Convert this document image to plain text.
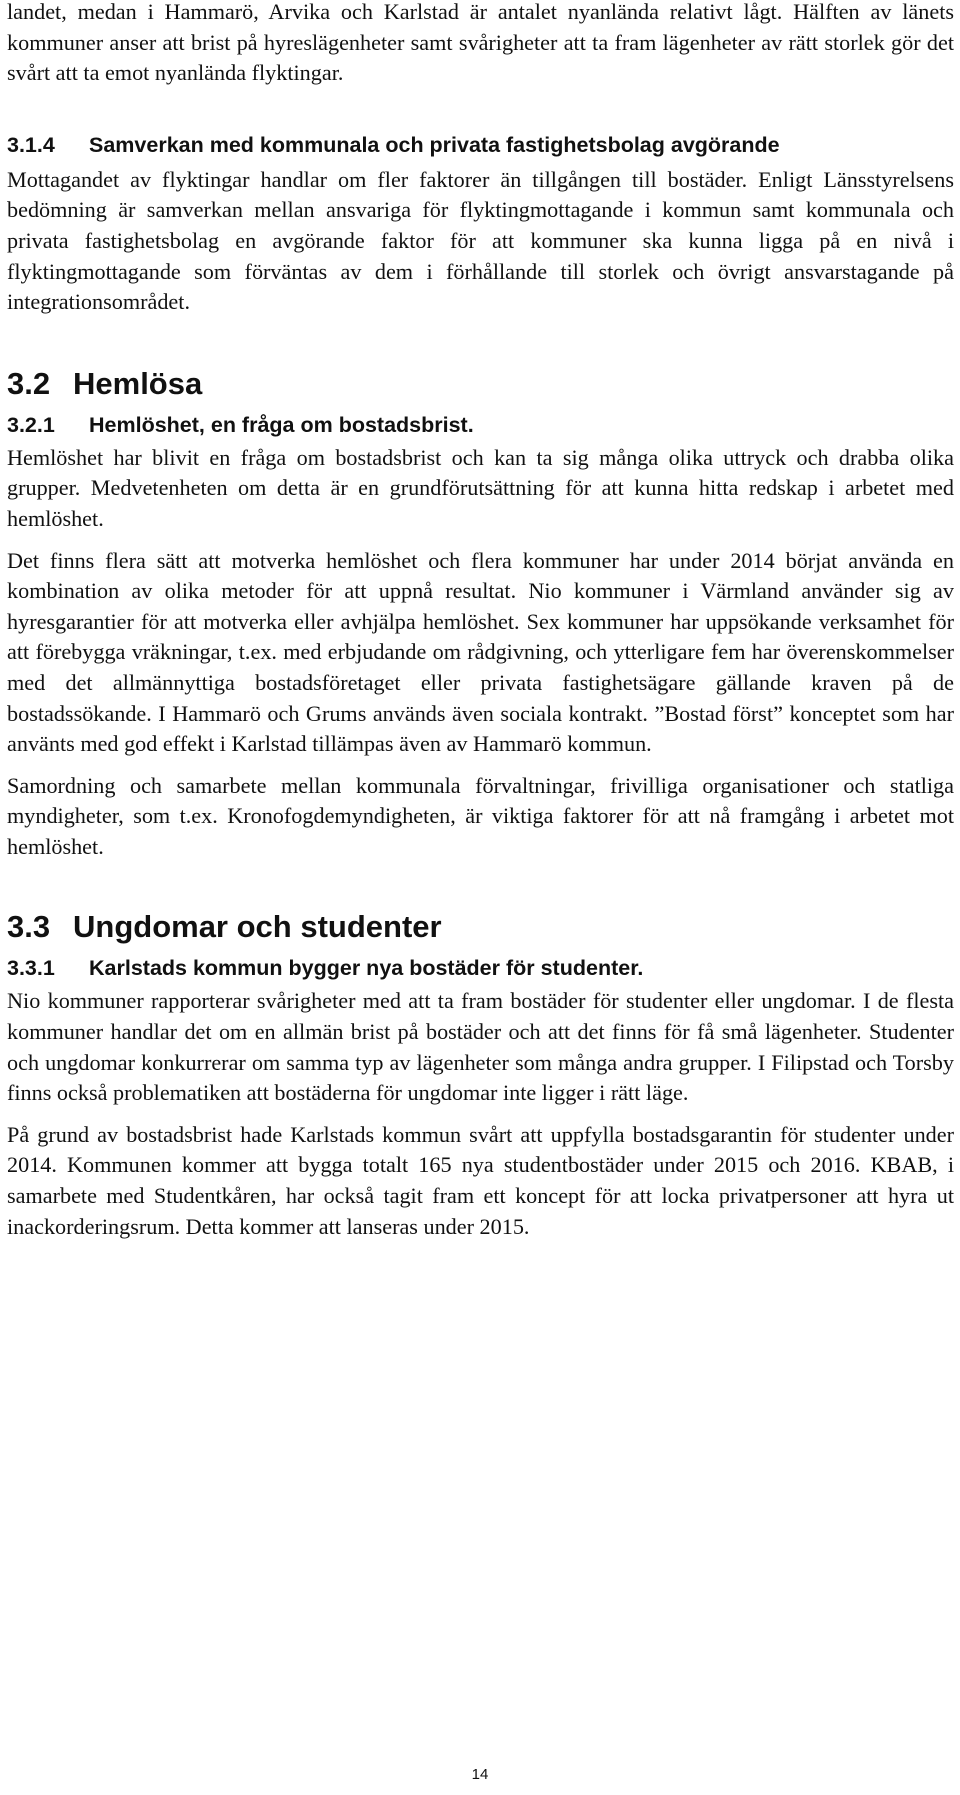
landet, medan i Hammarö, Arvika och Karlstad är antalet nyanlända relativt lågt. Hälften av länets kommuner anser att brist på hyreslägenheter samt svårigheter att ta fram lägenheter av rätt storlek gör det svårt att ta emot nyanlända flyktingar.

3.1.4 Samverkan med kommunala och privata fastighetsbolag avgörande

Mottagandet av flyktingar handlar om fler faktorer än tillgången till bostäder. Enligt Länsstyrelsens bedömning är samverkan mellan ansvariga för flyktingmottagande i kommun samt kommunala och privata fastighetsbolag en avgörande faktor för att kommuner ska kunna ligga på en nivå i flyktingmottagande som förväntas av dem i förhållande till storlek och övrigt ansvarstagande på integrationsområdet.

3.2 Hemlösa
3.2.1 Hemlöshet, en fråga om bostadsbrist.

Hemlöshet har blivit en fråga om bostadsbrist och kan ta sig många olika uttryck och drabba olika grupper. Medvetenheten om detta är en grundförutsättning för att kunna hitta redskap i arbetet med hemlöshet.

Det finns flera sätt att motverka hemlöshet och flera kommuner har under 2014 börjat använda en kombination av olika metoder för att uppnå resultat. Nio kommuner i Värmland använder sig av hyresgarantier för att motverka eller avhjälpa hemlöshet. Sex kommuner har uppsökande verksamhet för att förebygga vräkningar, t.ex. med erbjudande om rådgivning, och ytterligare fem har överenskommelser med det allmännyttiga bostadsföretaget eller privata fastighetsägare gällande kraven på de bostadssökande. I Hammarö och Grums används även sociala kontrakt. ”Bostad först” konceptet som har använts med god effekt i Karlstad tillämpas även av Hammarö kommun.

Samordning och samarbete mellan kommunala förvaltningar, frivilliga organisationer och statliga myndigheter, som t.ex. Kronofogdemyndigheten, är viktiga faktorer för att nå framgång i arbetet mot hemlöshet.

3.3 Ungdomar och studenter
3.3.1 Karlstads kommun bygger nya bostäder för studenter.

Nio kommuner rapporterar svårigheter med att ta fram bostäder för studenter eller ungdomar. I de flesta kommuner handlar det om en allmän brist på bostäder och att det finns för få små lägenheter. Studenter och ungdomar konkurrerar om samma typ av lägenheter som många andra grupper. I Filipstad och Torsby finns också problematiken att bostäderna för ungdomar inte ligger i rätt läge.

På grund av bostadsbrist hade Karlstads kommun svårt att uppfylla bostadsgarantin för studenter under 2014. Kommunen kommer att bygga totalt 165 nya studentbostäder under 2015 och 2016. KBAB, i samarbete med Studentkåren, har också tagit fram ett koncept för att locka privatpersoner att hyra ut inackorderingsrum. Detta kommer att lanseras under 2015.

14
